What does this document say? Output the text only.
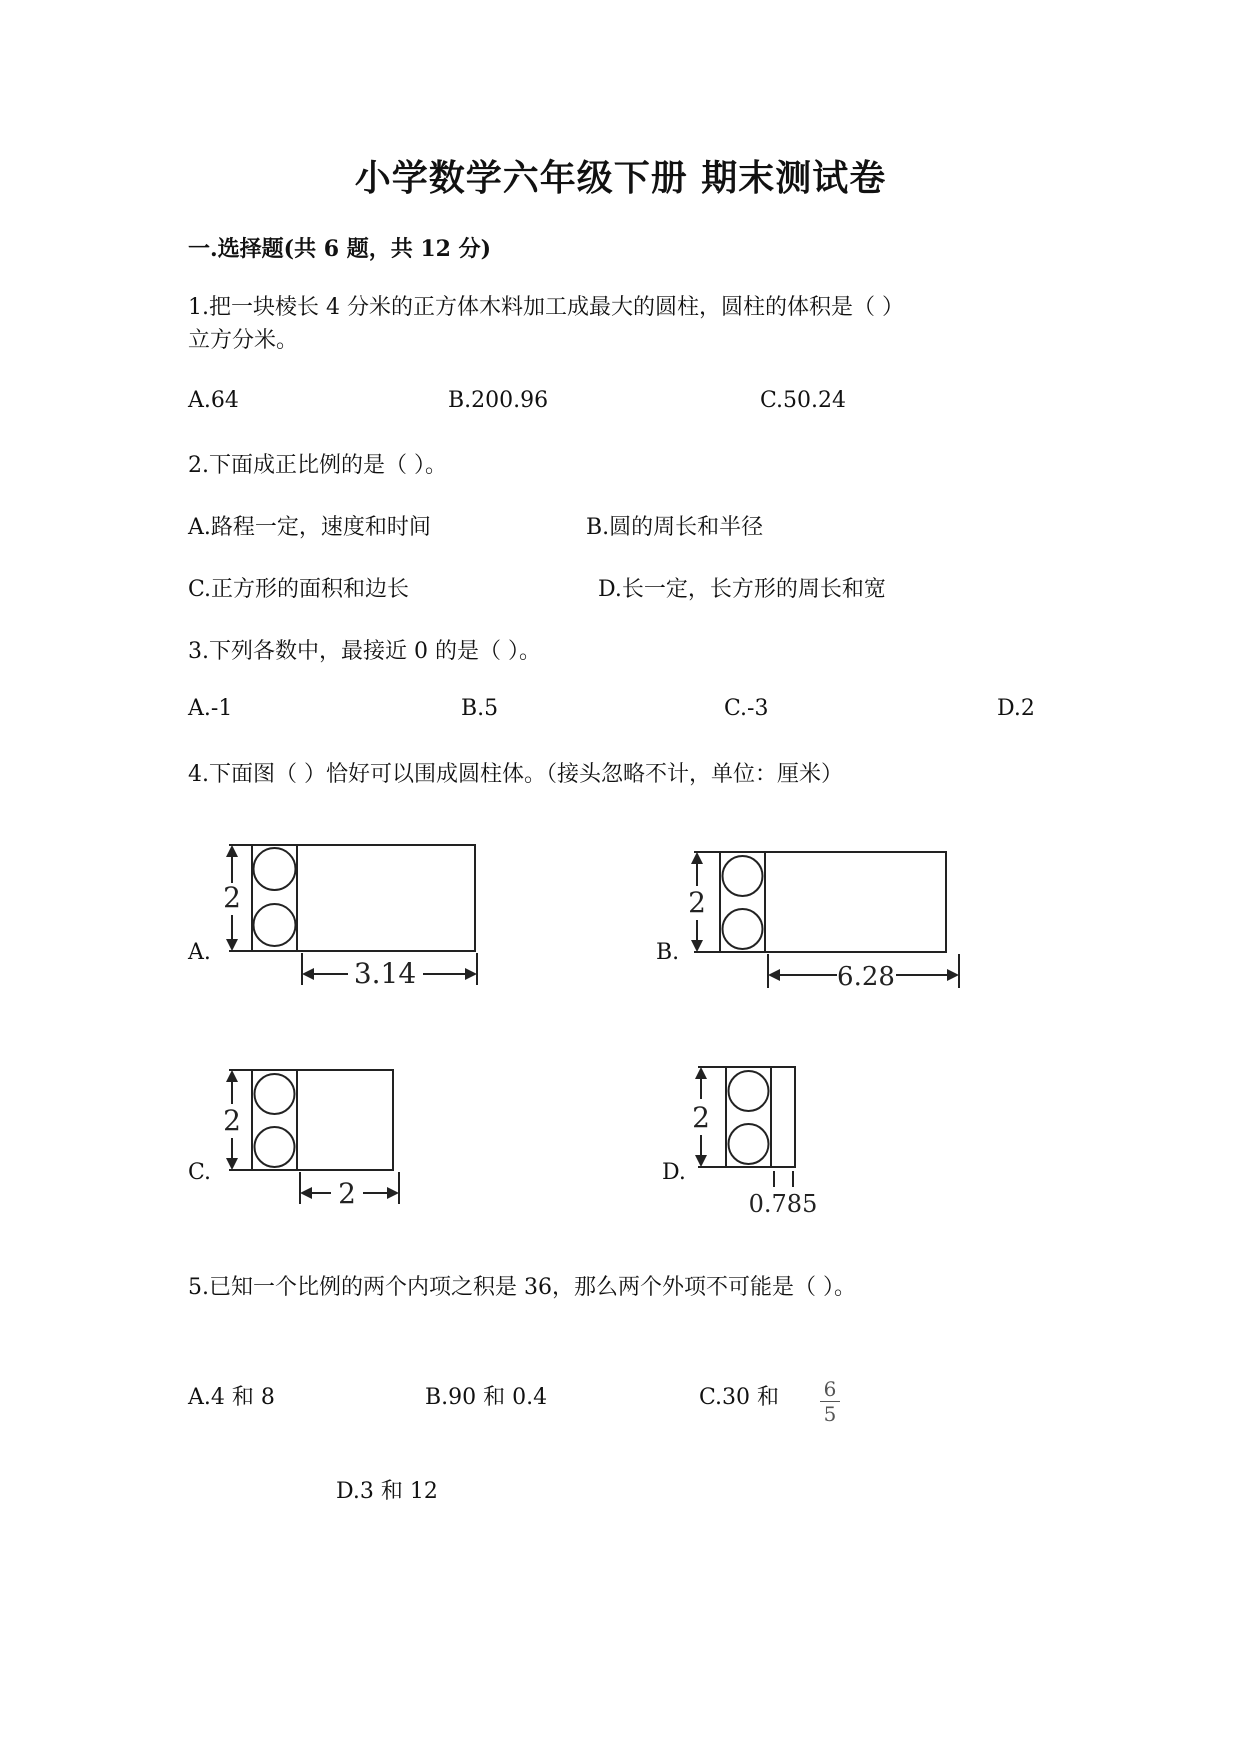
小学数学六年级下册 期末测试卷
一.选择题(共 6 题，共 12 分)
1.把一块棱长 4 分米的正方体木料加工成最大的圆柱，圆柱的体积是（ ）
立方分米。
A.64	B.200.96	C.50.24
2.下面成正比例的是（ ）。
A.路程一定，速度和时间	B.圆的周长和半径
C.正方形的面积和边长	D.长一定，长方形的周长和宽
3.下列各数中，最接近 0 的是（ ）。
A.-1	B.5	C.-3	D.2
4.下面图（ ）恰好可以围成圆柱体。（接头忽略不计，单位：厘米）
A.
2
3.14
B.
2
6.28
C.
2
2
D.
2
0.785
5.已知一个比例的两个内项之积是 36，那么两个外项不可能是（ ）。
A.4 和 8	B.90 和 0.4	C.30 和 6
5
D.3 和 12
